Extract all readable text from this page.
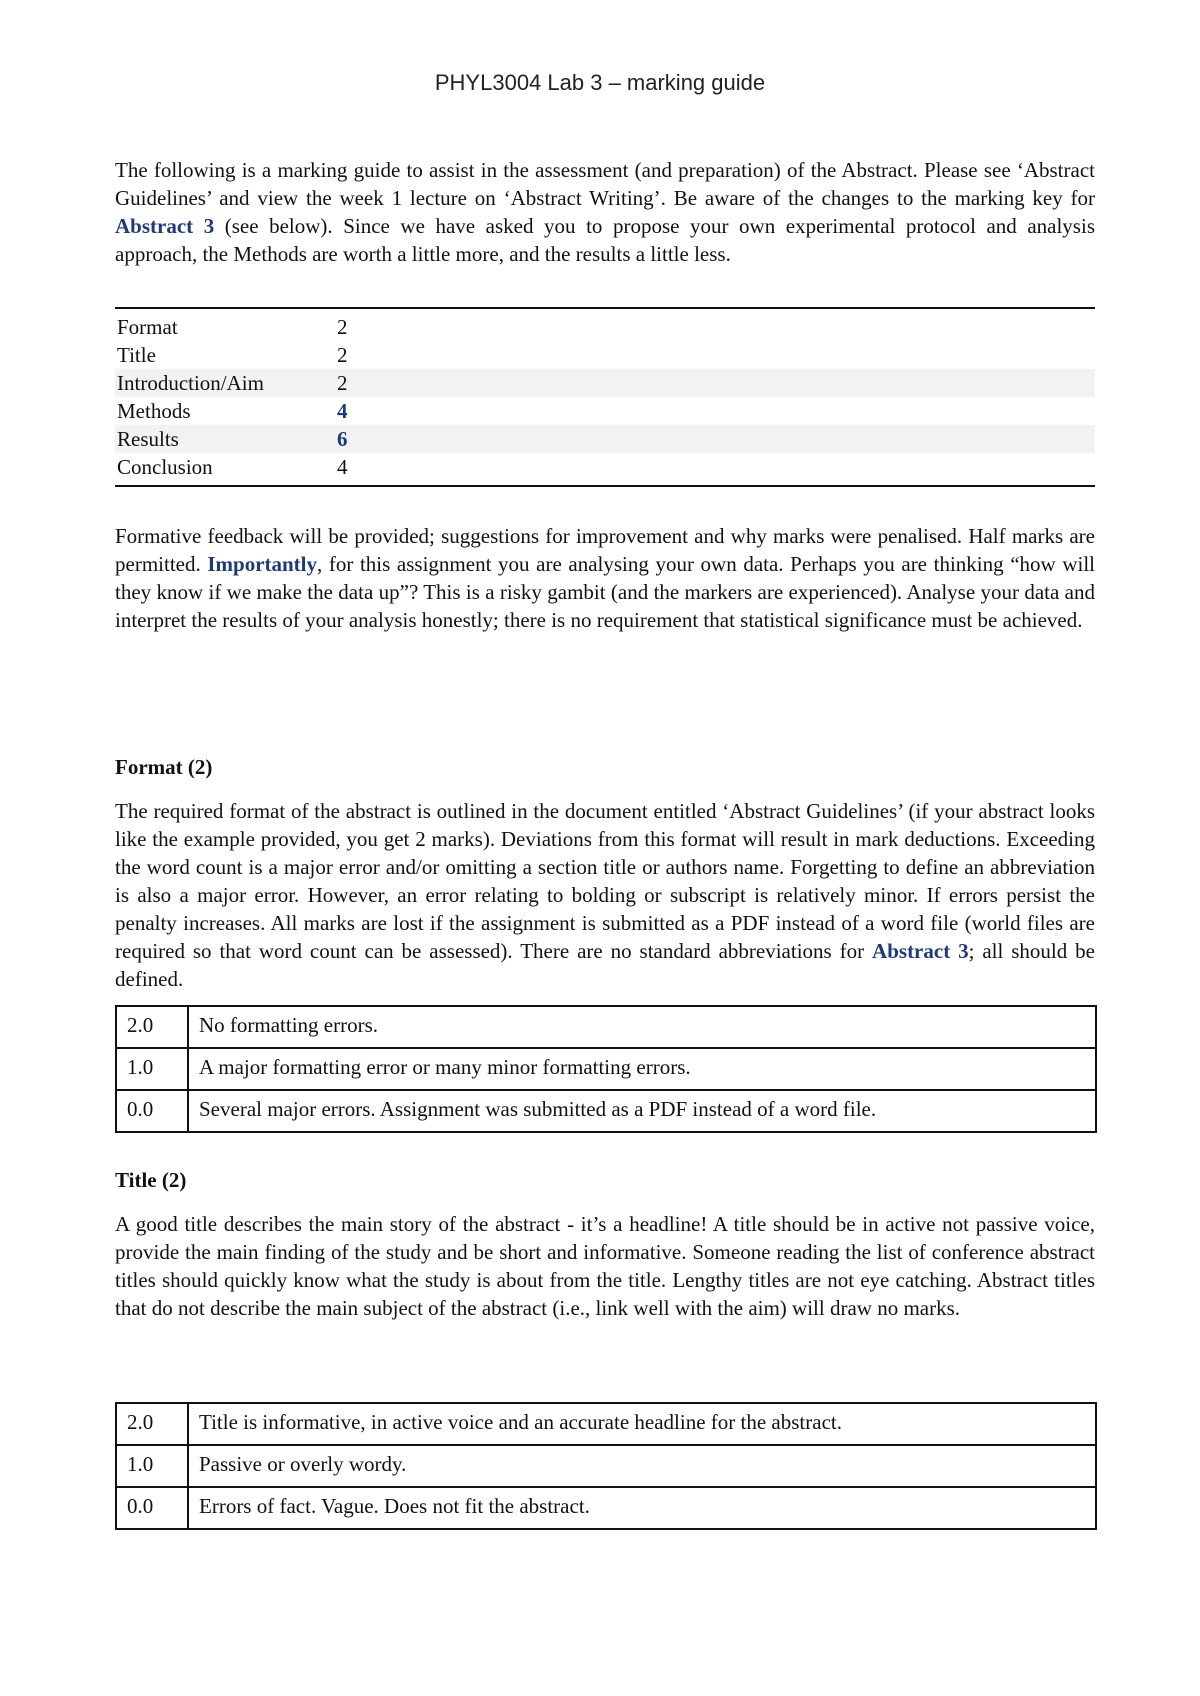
PHYL3004 Lab 3 – marking guide

The following is a marking guide to assist in the assessment (and preparation) of the Abstract. Please see ‘Abstract Guidelines’ and view the week 1 lecture on ‘Abstract Writing’. Be aware of the changes to the marking key for Abstract 3 (see below). Since we have asked you to propose your own experimental protocol and analysis approach, the Methods are worth a little more, and the results a little less.

Format	2
Title	2
Introduction/Aim	2
Methods	4
Results	6
Conclusion	4

Formative feedback will be provided; suggestions for improvement and why marks were penalised. Half marks are permitted. Importantly, for this assignment you are analysing your own data. Perhaps you are thinking “how will they know if we make the data up”? This is a risky gambit (and the markers are experienced). Analyse your data and interpret the results of your analysis honestly; there is no requirement that statistical significance must be achieved.

Format (2)

The required format of the abstract is outlined in the document entitled ‘Abstract Guidelines’ (if your abstract looks like the example provided, you get 2 marks). Deviations from this format will result in mark deductions. Exceeding the word count is a major error and/or omitting a section title or authors name. Forgetting to define an abbreviation is also a major error. However, an error relating to bolding or subscript is relatively minor. If errors persist the penalty increases. All marks are lost if the assignment is submitted as a PDF instead of a word file (world files are required so that word count can be assessed). There are no standard abbreviations for Abstract 3; all should be defined.

2.0	No formatting errors.
1.0	A major formatting error or many minor formatting errors.
0.0	Several major errors. Assignment was submitted as a PDF instead of a word file.
Title (2)

A good title describes the main story of the abstract - it’s a headline! A title should be in active not passive voice, provide the main finding of the study and be short and informative. Someone reading the list of conference abstract titles should quickly know what the study is about from the title. Lengthy titles are not eye catching. Abstract titles that do not describe the main subject of the abstract (i.e., link well with the aim) will draw no marks.

2.0	Title is informative, in active voice and an accurate headline for the abstract.
1.0	Passive or overly wordy.
0.0	Errors of fact. Vague. Does not fit the abstract.
